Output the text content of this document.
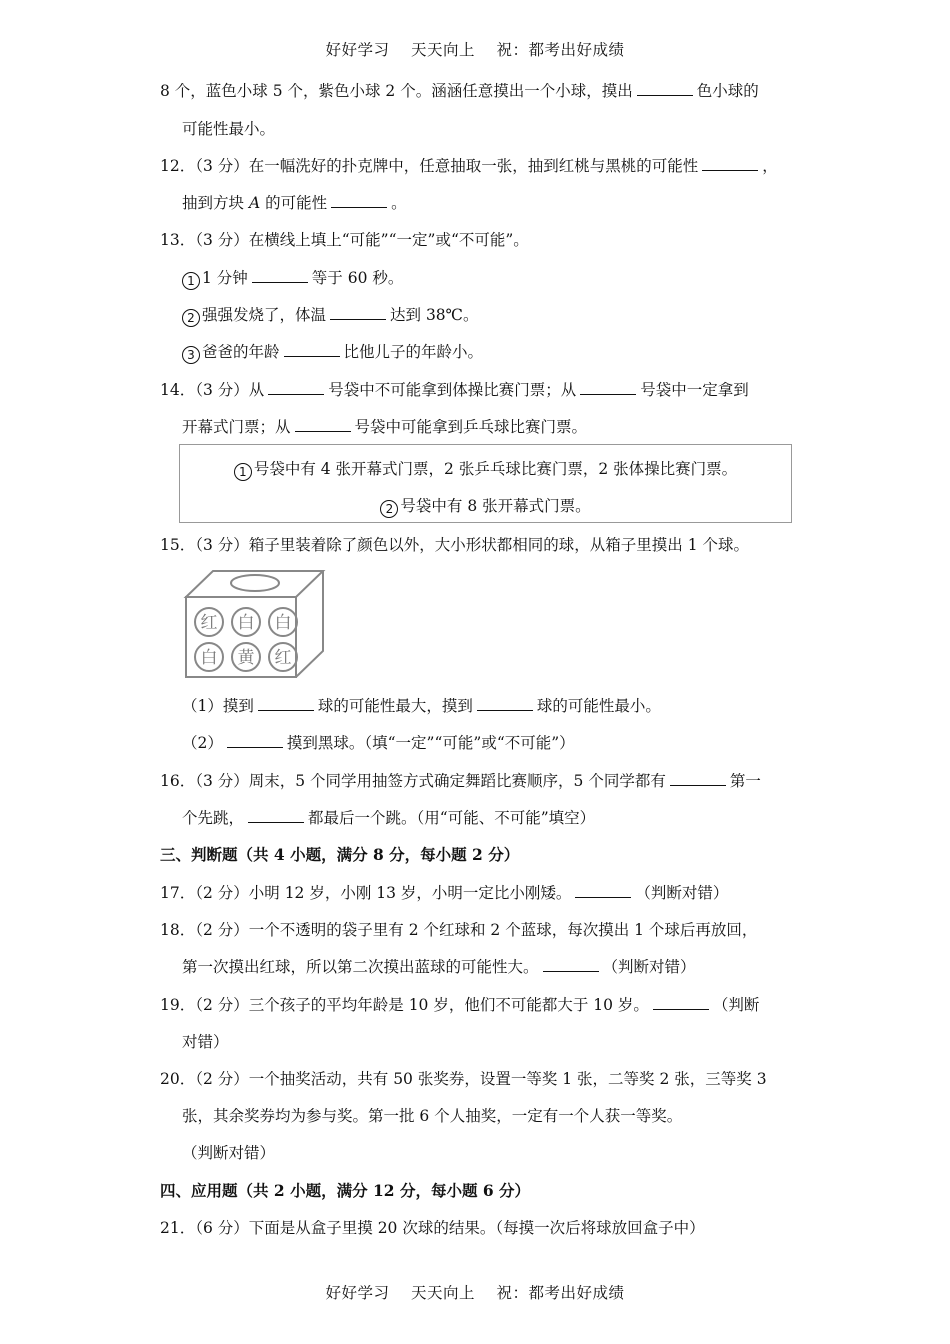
好好学习 天天向上 祝：都考出好成绩
8 个，蓝色小球 5 个，紫色小球 2 个。涵涵任意摸出一个小球，摸出	色小球的
可能性最小。
12．（3 分）在一幅洗好的扑克牌中，任意抽取一张，抽到红桃与黑桃的可能性	，
抽到方块 A 的可能性	。
13．（3 分）在横线上填上“可能”“一定”或“不可能”。
1 1 分钟	等于 60 秒。
2 强强发烧了，体温	达到 38℃。
3 爸爸的年龄	比他儿子的年龄小。
14．（3 分）从	号袋中不可能拿到体操比赛门票；从	号袋中一定拿到
开幕式门票；从	号袋中可能拿到乒乓球比赛门票。
1 号袋中有 4 张开幕式门票，2 张乒乓球比赛门票，2 张体操比赛门票。
2 号袋中有 8 张开幕式门票。
15．（3 分）箱子里装着除了颜色以外，大小形状都相同的球，从箱子里摸出 1 个球。
红 白 白
白 黄 红
（1）摸到	球的可能性最大，摸到	球的可能性最小。
（2）	摸到黑球。（填“一定”“可能”或“不可能”）
16．（3 分）周末，5 个同学用抽签方式确定舞蹈比赛顺序，5 个同学都有	第一
个先跳，	都最后一个跳。（用“可能、不可能”填空）
三、判断题（共 4 小题，满分 8 分，每小题 2 分）
17．（2 分）小明 12 岁，小刚 13 岁，小明一定比小刚矮。	（判断对错）
18．（2 分）一个不透明的袋子里有 2 个红球和 2 个蓝球，每次摸出 1 个球后再放回，
第一次摸出红球，所以第二次摸出蓝球的可能性大。	（判断对错）
19．（2 分）三个孩子的平均年龄是 10 岁，他们不可能都大于 10 岁。	（判断
对错）
20．（2 分）一个抽奖活动，共有 50 张奖券，设置一等奖 1 张，二等奖 2 张，三等奖 3
张，其余奖券均为参与奖。第一批 6 个人抽奖，一定有一个人获一等奖。
（判断对错）
四、应用题（共 2 小题，满分 12 分，每小题 6 分）
21．（6 分）下面是从盒子里摸 20 次球的结果。（每摸一次后将球放回盒子中）
好好学习 天天向上 祝：都考出好成绩
